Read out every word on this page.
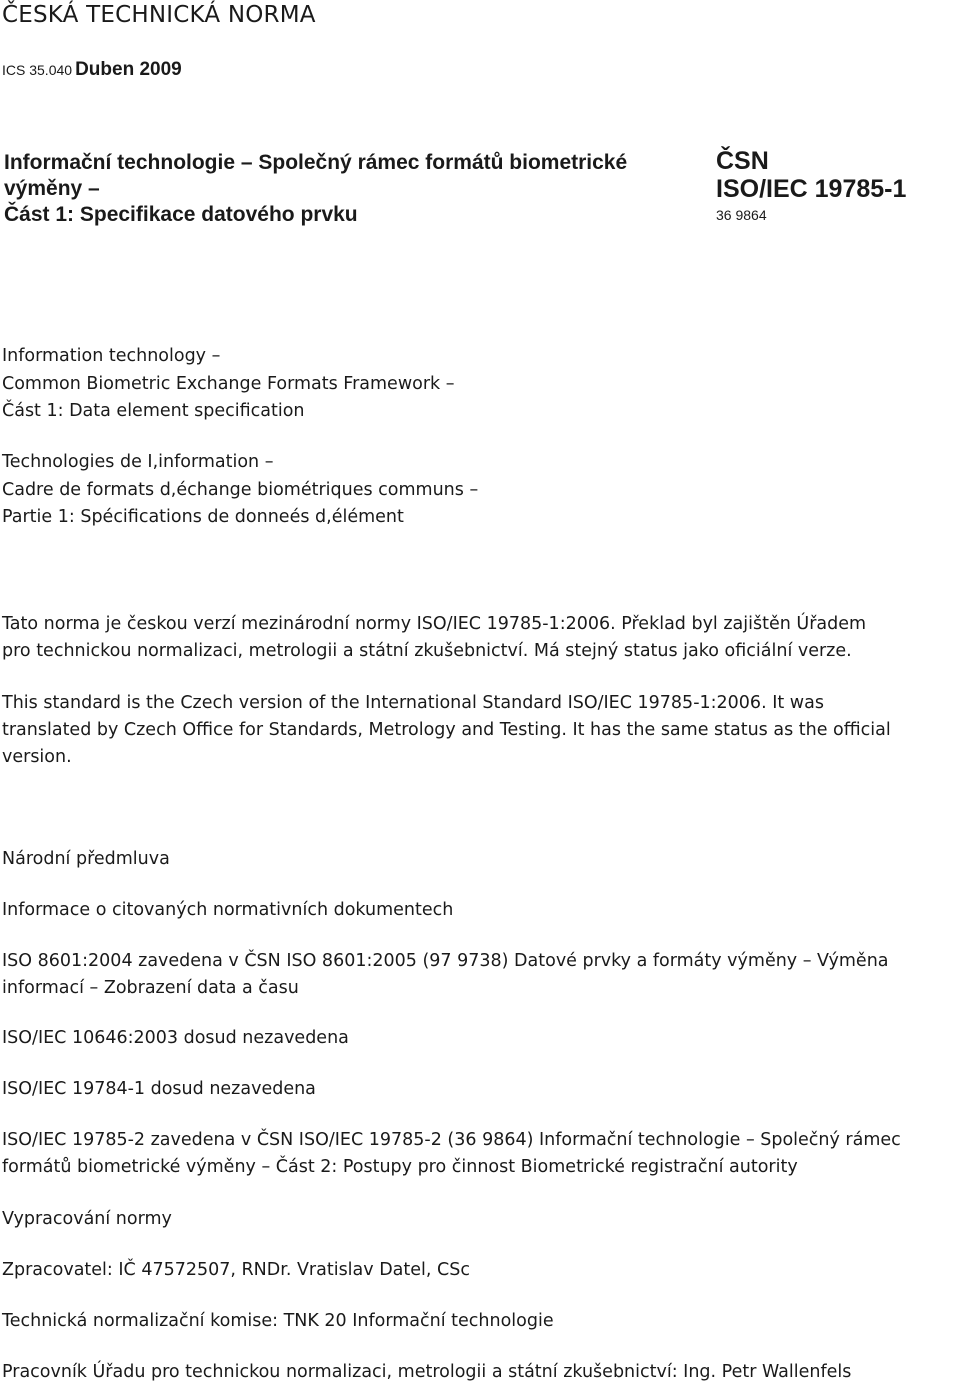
ČESKÁ TECHNICKÁ NORMA

ICS 35.040 Duben 2009

Informační technologie – Společný rámec formátů biometrické
výměny –
Část 1: Specifikace datového prvku
ČSN
ISO/IEC 19785-1
36 9864
Information technology –
Common Biometric Exchange Formats Framework –
Část 1: Data element specification
Technologies de I,information –
Cadre de formats d,échange biométriques communs –
Partie 1: Spécifications de donneés d,élément
Tato norma je českou verzí mezinárodní normy ISO/IEC 19785-1:2006. Překlad byl zajištěn Úřadem
pro technickou normalizaci, metrologii a státní zkušebnictví. Má stejný status jako oficiální verze.
This standard is the Czech version of the International Standard ISO/IEC 19785-1:2006. It was
translated by Czech Office for Standards, Metrology and Testing. It has the same status as the official
version.

Národní předmluva

Informace o citovaných normativních dokumentech

ISO 8601:2004 zavedena v ČSN ISO 8601:2005 (97 9738) Datové prvky a formáty výměny – Výměna
informací – Zobrazení data a času
ISO/IEC 10646:2003 dosud nezavedena
ISO/IEC 19784-1 dosud nezavedena
ISO/IEC 19785-2 zavedena v ČSN ISO/IEC 19785-2 (36 9864) Informační technologie – Společný rámec
formátů biometrické výměny – Část 2: Postupy pro činnost Biometrické registrační autority

Vypracování normy

Zpracovatel: IČ 47572507, RNDr. Vratislav Datel, CSc

Technická normalizační komise: TNK 20 Informační technologie

Pracovník Úřadu pro technickou normalizaci, metrologii a státní zkušebnictví: Ing. Petr Wallenfels
